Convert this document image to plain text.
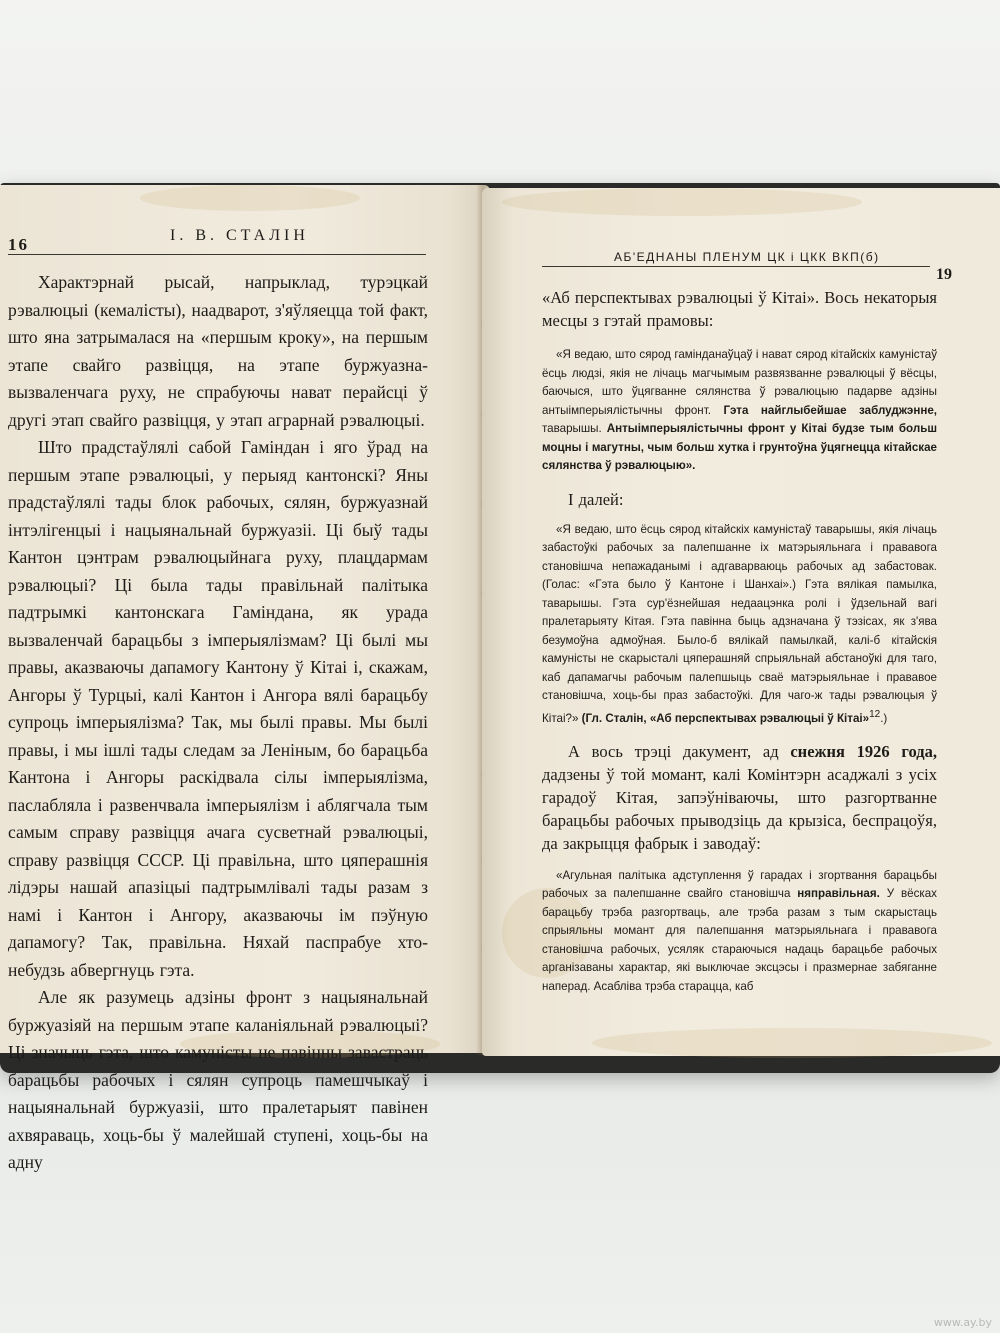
16	І. В. СТАЛІН

Характэрнай рысай, напрыклад, турэцкай рэвалюцыі (кемалісты), наадварот, з'яўляецца той факт, што яна затрымалася на «першым кроку», на першым этапе свайго развіцця, на этапе буржуазна-вызваленчага руху, не спрабуючы нават перайсці ў другі этап свайго развіцця, у этап аграрнай рэвалюцыі.

Што прадстаўлялі сабой Гаміндан і яго ўрад на першым этапе рэвалюцыі, у перыяд кантонскі? Яны прадстаўлялі тады блок рабочых, сялян, буржуазнай інтэлігенцыі і нацыянальнай буржуазіі. Ці быў тады Кантон цэнтрам рэвалюцыйнага руху, плацдармам рэвалюцыі? Ці была тады правільнай палітыка падтрымкі кантонскага Гаміндана, як урада вызваленчай барацьбы з імперыялізмам? Ці былі мы правы, аказваючы дапамогу Кантону ў Кітаі і, скажам, Ангоры ў Турцыі, калі Кантон і Ангора вялі барацьбу супроць імперыялізма? Так, мы былі правы. Мы былі правы, і мы ішлі тады следам за Леніным, бо барацьба Кантона і Ангоры раскідвала сілы імперыялізма, паслабляла і развенчвала імперыялізм і аблягчала тым самым справу развіцця ачага сусветнай рэвалюцыі, справу развіцця СССР. Ці правільна, што цяперашнія лідэры нашай апазіцыі падтрымлівалі тады разам з намі і Кантон і Ангору, аказваючы ім пэўную дапамогу? Так, правільна. Няхай паспрабуе хто-небудзь абвергнуць гэта.

Але як разумець адзіны фронт з нацыянальнай буржуазіяй на першым этапе каланіяльнай рэвалюцыі? Ці значыць гэта, што камуністы не павінны завастраць барацьбы рабочых і сялян супроць памешчыкаў і нацыянальнай буржуазіі, што пралетарыят павінен ахвяраваць, хоць-бы ў малейшай ступені, хоць-бы на адну

АБ'ЕДНАНЫ ПЛЕНУМ ЦК і ЦКК ВКП(б)
19

«Аб перспектывах рэвалюцыі ў Кітаі». Вось некаторыя месцы з гэтай прамовы:

«Я ведаю, што сярод гамінданаўцаў і нават сярод кітайскіх камуністаў ёсць людзі, якія не лічаць магчымым развязванне рэвалюцыі ў вёсцы, баючыся, што ўцягванне сялянства ў рэвалюцыю падарве адзіны антыімперыялістычны фронт. Гэта найглыбейшае заблуджэнне, таварышы. Антыімперыялістычны фронт у Кітаі будзе тым больш моцны і магутны, чым больш хутка і грунтоўна ўцягнецца кітайскае сялянства ў рэвалюцыю».

І далей:

«Я ведаю, што ёсць сярод кітайскіх камуністаў таварышы, якія лічаць забастоўкі рабочых за палепшанне іх матэрыяльнага і прававога становішча непажаданымі і адгаварваюць рабочых ад забастовак. (Голас: «Гэта было ў Кантоне і Шанхаі».) Гэта вялікая памылка, таварышы. Гэта сур'ёзнейшая недаацэнка ролі і ўдзельнай вагі пралетарыяту Кітая. Гэта павінна быць адзначана ў тэзісах, як з'ява безумоўна адмоўная. Было-б вялікай памылкай, калі-б кітайскія камуністы не скарысталі цяперашняй спрыяльнай абстаноўкі для таго, каб дапамагчы рабочым палепшыць сваё матэрыяльнае і прававое становішча, хоць-бы праз забастоўкі. Для чаго-ж тады рэвалюцыя ў Кітаі?» (Гл. Сталін, «Аб перспектывах рэвалюцыі ў Кітаі»12.)

А вось трэці дакумент, ад снежня 1926 года, дадзены ў той момант, калі Комінтэрн асаджалі з усіх гарадоў Кітая, запэўніваючы, што разгортванне барацьбы рабочых прыводзіць да крызіса, беспрацоўя, да закрыцця фабрык і заводаў:

«Агульная палітыка адступлення ў гарадах і згортвання барацьбы рабочых за палепшанне свайго становішча няправільная. У вёсках барацьбу трэба разгортваць, але трэба разам з тым скарыстаць спрыяльны момант для палепшання матэрыяльнага і прававога становішча рабочых, усяляк стараючыся надаць барацьбе рабочых арганізаваны характар, які выключае эксцэсы і празмернае забяганне наперад. Асабліва трэба старацца, каб

www.ay.by
